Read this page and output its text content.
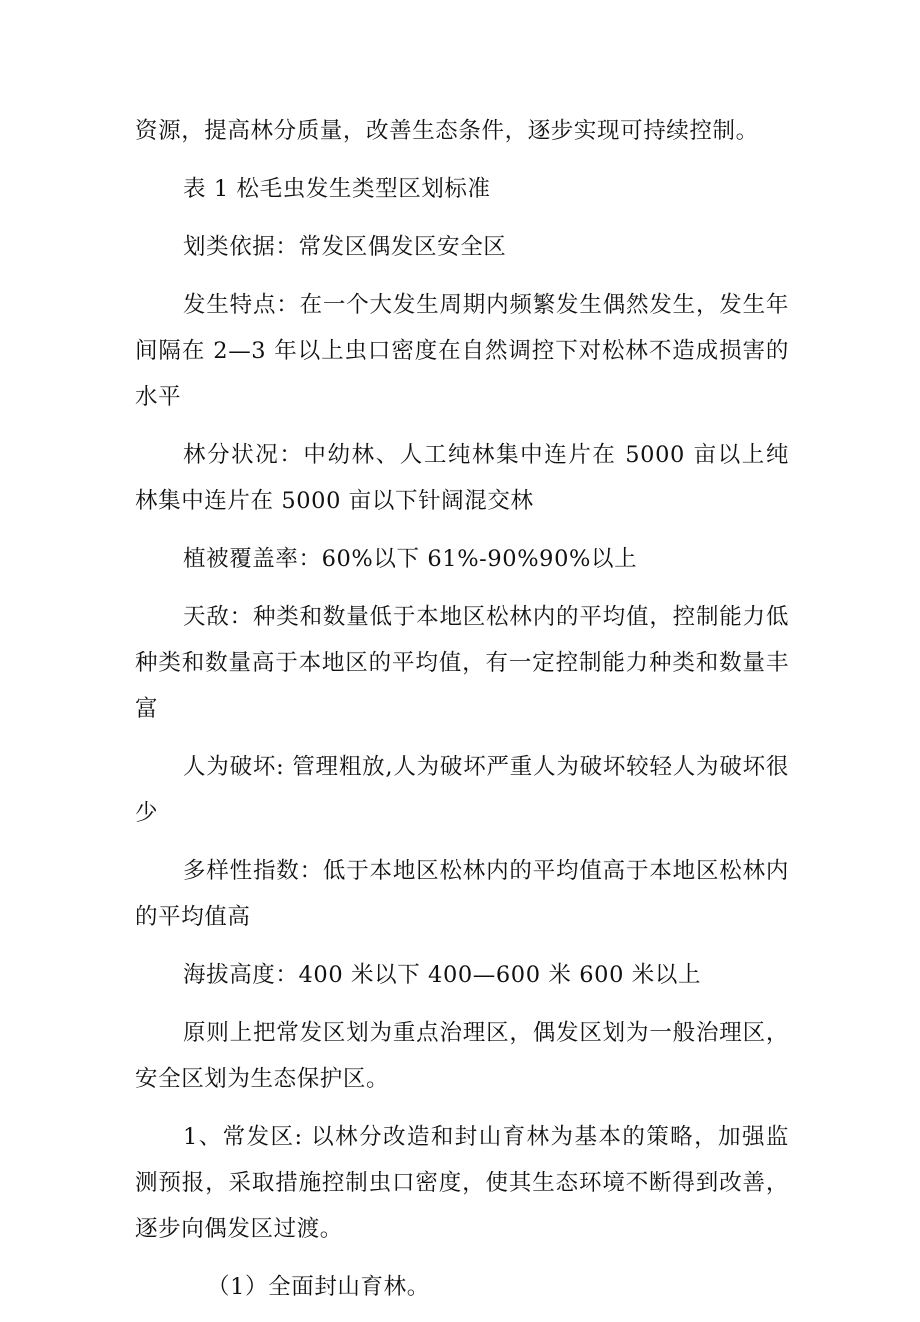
资源，提高林分质量，改善生态条件，逐步实现可持续控制。

表 1 松毛虫发生类型区划标准

划类依据：常发区偶发区安全区

发生特点：在一个大发生周期内频繁发生偶然发生，发生年间隔在 2—3 年以上虫口密度在自然调控下对松林不造成损害的水平

林分状况：中幼林、人工纯林集中连片在 5000 亩以上纯林集中连片在 5000 亩以下针阔混交林

植被覆盖率：60%以下 61%-90%90%以上

天敌：种类和数量低于本地区松林内的平均值，控制能力低种类和数量高于本地区的平均值，有一定控制能力种类和数量丰富

人为破坏: 管理粗放,人为破坏严重人为破坏较轻人为破坏很少

多样性指数：低于本地区松林内的平均值高于本地区松林内的平均值高

海拔高度：400 米以下 400—600 米 600 米以上

原则上把常发区划为重点治理区，偶发区划为一般治理区，安全区划为生态保护区。

1、常发区: 以林分改造和封山育林为基本的策略，加强监测预报，采取措施控制虫口密度，使其生态环境不断得到改善，逐步向偶发区过渡。

（1）全面封山育林。
